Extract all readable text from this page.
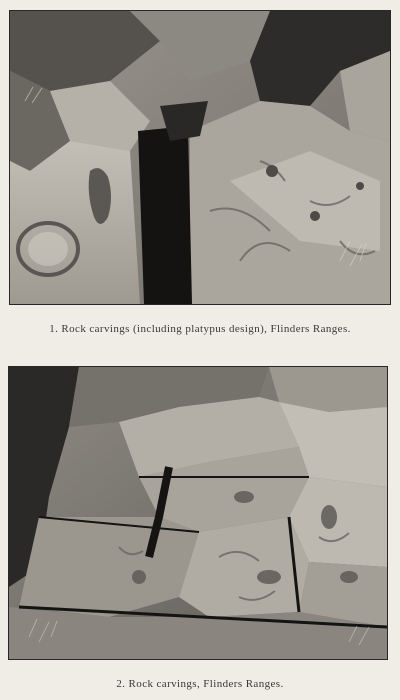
1. Rock carvings (including platypus design), Flinders Ranges.
2. Rock carvings, Flinders Ranges.
